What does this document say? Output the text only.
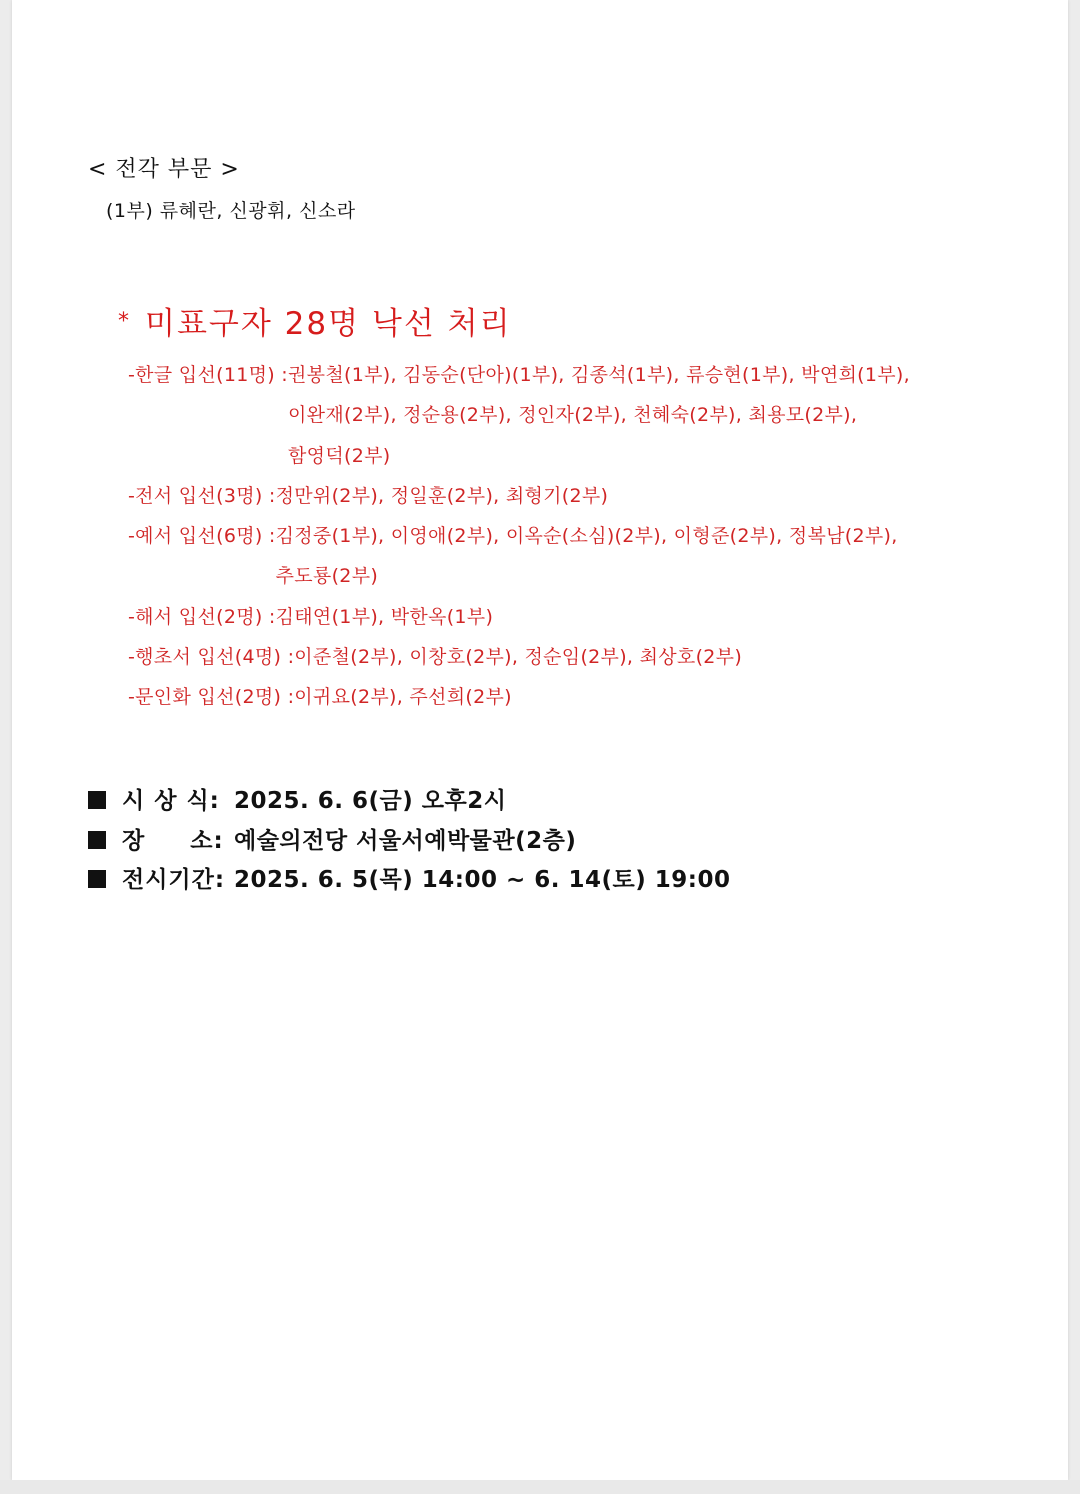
< 전각 부문 >

(1부) 류혜란, 신광휘, 신소라

* 미표구자 28명 낙선 처리
-한글 입선(11명) : 권봉철(1부), 김동순(단아)(1부), 김종석(1부), 류승현(1부), 박연희(1부),
이완재(2부), 정순용(2부), 정인자(2부), 천혜숙(2부), 최용모(2부),
함영덕(2부)
-전서 입선(3명) : 정만위(2부), 정일훈(2부), 최형기(2부)
-예서 입선(6명) : 김정중(1부), 이영애(2부), 이옥순(소심)(2부), 이형준(2부), 정복남(2부),
추도룡(2부)
-해서 입선(2명) : 김태연(1부), 박한옥(1부)
-행초서 입선(4명) : 이준철(2부), 이창호(2부), 정순임(2부), 최상호(2부)
-문인화 입선(2명) : 이귀요(2부), 주선희(2부)
시 상 식: 2025. 6. 6(금) 오후2시
장     소: 예술의전당 서울서예박물관(2층)
전시기간: 2025. 6. 5(목) 14:00 ~ 6. 14(토) 19:00
